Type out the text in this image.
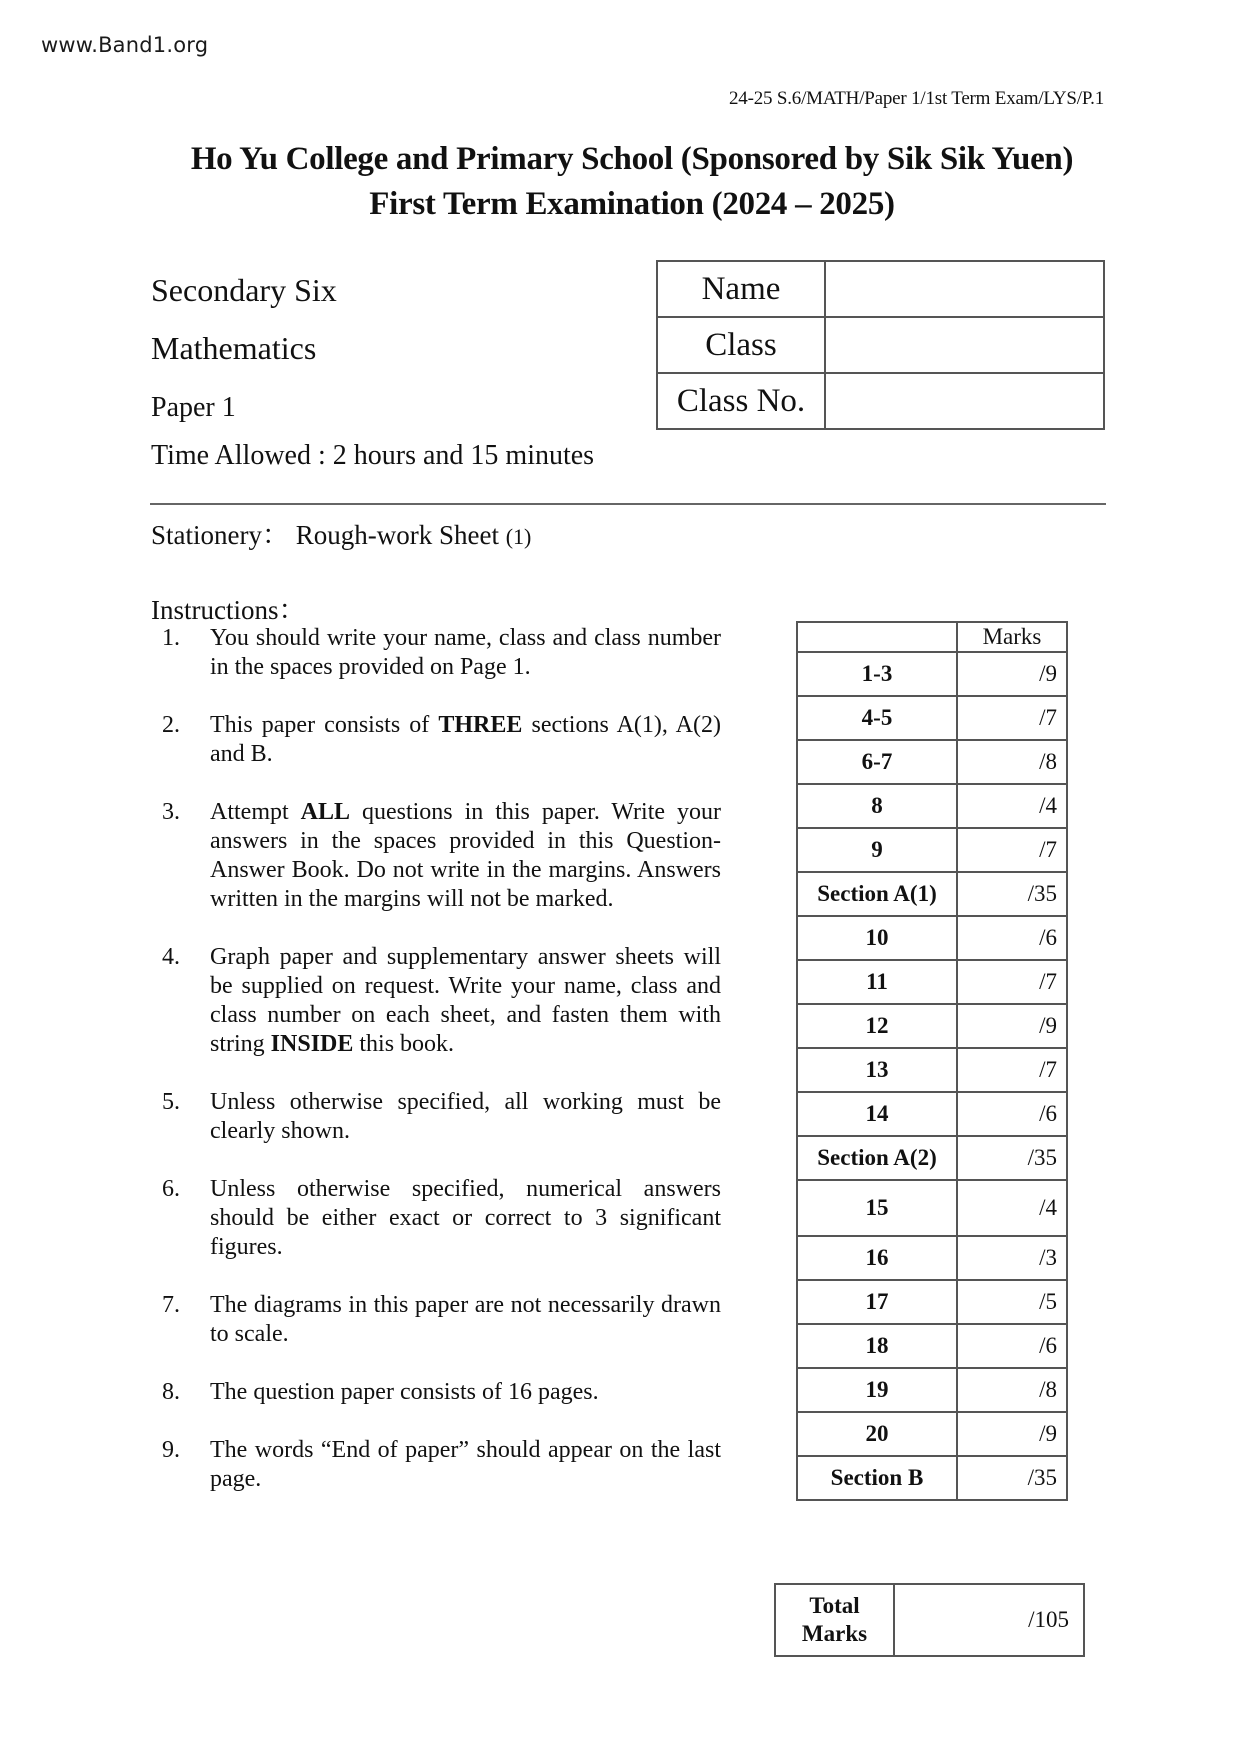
www.Band1.org
24-25 S.6/MATH/Paper 1/1st Term Exam/LYS/P.1
Ho Yu College and Primary School (Sponsored by Sik Sik Yuen)
First Term Examination (2024 – 2025)
Secondary Six
Mathematics
Paper 1
Time Allowed : 2 hours and 15 minutes
Name	
Class	
Class No.	
Stationery： Rough-work Sheet (1)
Instructions：
1.	You should write your name, class and class number in the spaces provided on Page 1.
2.	This paper consists of THREE sections A(1), A(2) and B.
3.	Attempt ALL questions in this paper. Write your answers in the spaces provided in this Question-Answer Book. Do not write in the margins. Answers written in the margins will not be marked.
4.	Graph paper and supplementary answer sheets will be supplied on request. Write your name, class and class number on each sheet, and fasten them with string INSIDE this book.
5.	Unless otherwise specified, all working must be clearly shown.
6.	Unless otherwise specified, numerical answers should be either exact or correct to 3 significant figures.
7.	The diagrams in this paper are not necessarily drawn to scale.
8.	The question paper consists of 16 pages.
9.	The words “End of paper” should appear on the last page.
	Marks
1-3	/9
4-5	/7
6-7	/8
8	/4
9	/7
Section A(1)	/35
10	/6
11	/7
12	/9
13	/7
14	/6
Section A(2)	/35
15	/4
16	/3
17	/5
18	/6
19	/8
20	/9
Section B	/35
Total
Marks	/105
